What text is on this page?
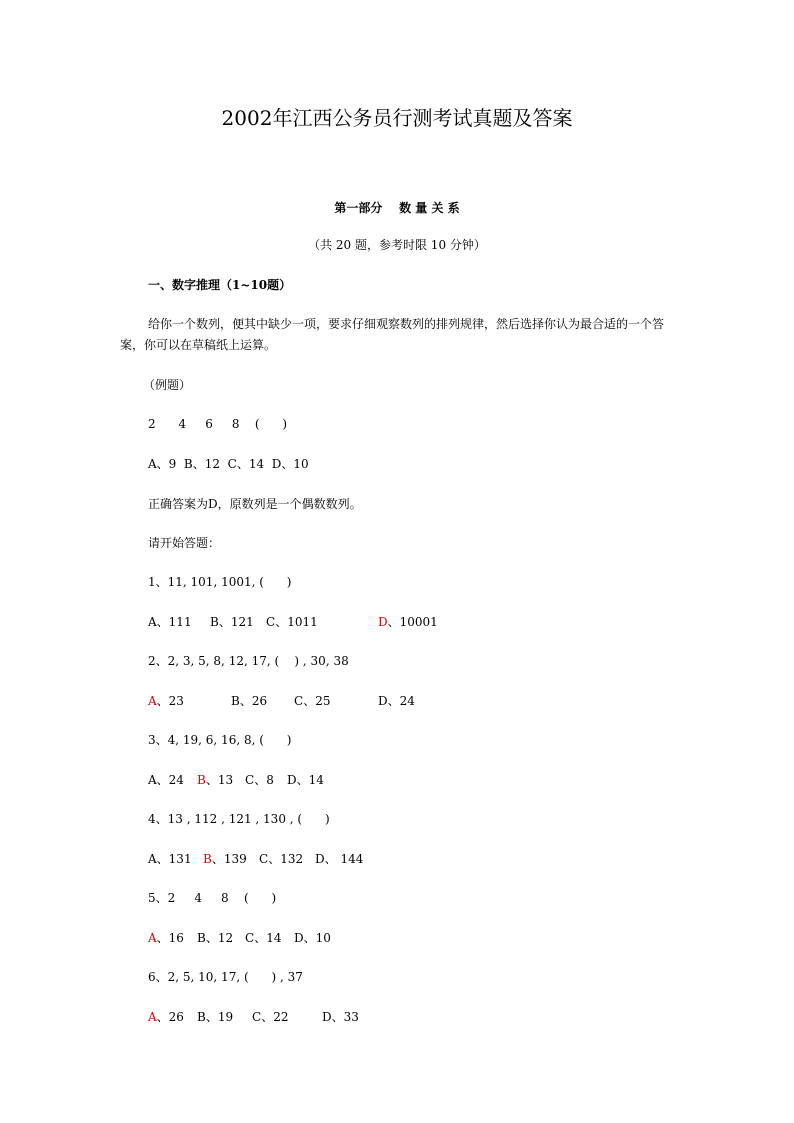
2002年江西公务员行测考试真题及答案
第一部分    数 量 关 系
（共 20 题，参考时限 10 分钟）
一、数字推理（1~10题）
给你一个数列，便其中缺少一项，要求仔细观察数列的排列规律，然后选择你认为最合适的一个答案，你可以在草稿纸上运算。
（例题）
2      4     6     8    (      )
A、9  B、12  C、14  D、10
正确答案为D，原数列是一个偶数数列。
请开始答题：
1、11, 101, 1001, (      )
A、111 B、121 C、1011	D、10001
2、2, 3, 5, 8, 12, 17, (    ) , 30, 38
A、23	B、26 C、25	D、24
3、4, 19, 6, 16, 8, (      )
A、24 B、13 C、8 D、14
4、13 , 112 , 121 , 130 , (      )
A、131 B、139 C、132 D、 144
5、2     4     8    (      )
A、16 B、12 C、14 D、10
6、2, 5, 10, 17, (      ) , 37
A、26 B、19 C、22	D、33
